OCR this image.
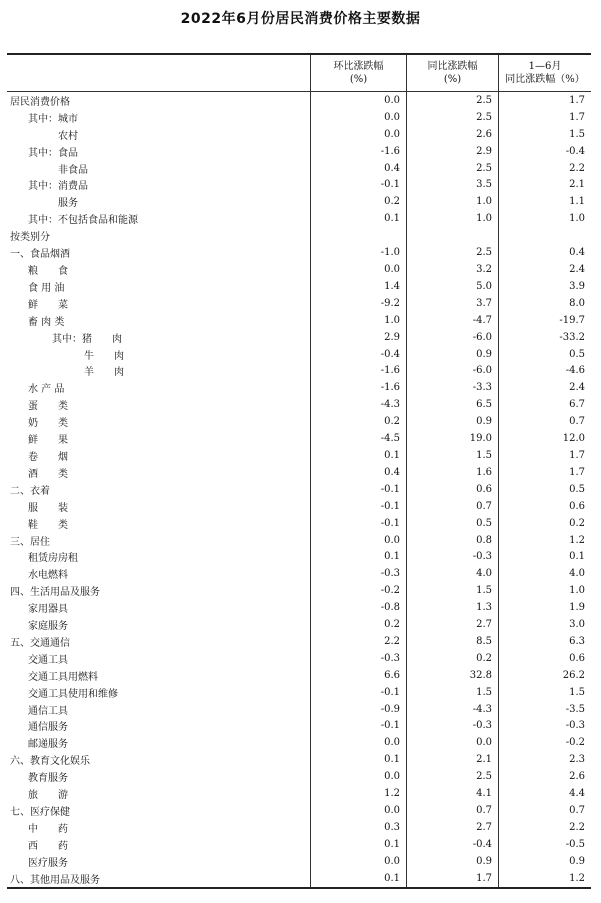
2022年6月份居民消费价格主要数据
环比涨跌幅
(%)
同比涨跌幅
(%)
1—6月
同比涨跌幅（%）
居民消费价格	0.0	2.5	1.7
其中：城市	0.0	2.5	1.7
　　　农村	0.0	2.6	1.5
其中：食品	-1.6	2.9	-0.4
　　　非食品	0.4	2.5	2.2
其中：消费品	-0.1	3.5	2.1
　　　服务	0.2	1.0	1.1
其中：不包括食品和能源	0.1	1.0	1.0
按类别分
一、食品烟酒	-1.0	2.5	0.4
粮　　食	0.0	3.2	2.4
食 用 油	1.4	5.0	3.9
鲜　　菜	-9.2	3.7	8.0
畜 肉 类	1.0	-4.7	-19.7
其中：猪　　肉	2.9	-6.0	-33.2
牛　　肉	-0.4	0.9	0.5
羊　　肉	-1.6	-6.0	-4.6
水 产 品	-1.6	-3.3	2.4
蛋　　类	-4.3	6.5	6.7
奶　　类	0.2	0.9	0.7
鲜　　果	-4.5	19.0	12.0
卷　　烟	0.1	1.5	1.7
酒　　类	0.4	1.6	1.7
二、衣着	-0.1	0.6	0.5
服　　装	-0.1	0.7	0.6
鞋　　类	-0.1	0.5	0.2
三、居住	0.0	0.8	1.2
租赁房房租	0.1	-0.3	0.1
水电燃料	-0.3	4.0	4.0
四、生活用品及服务	-0.2	1.5	1.0
家用器具	-0.8	1.3	1.9
家庭服务	0.2	2.7	3.0
五、交通通信	2.2	8.5	6.3
交通工具	-0.3	0.2	0.6
交通工具用燃料	6.6	32.8	26.2
交通工具使用和维修	-0.1	1.5	1.5
通信工具	-0.9	-4.3	-3.5
通信服务	-0.1	-0.3	-0.3
邮递服务	0.0	0.0	-0.2
六、教育文化娱乐	0.1	2.1	2.3
教育服务	0.0	2.5	2.6
旅　　游	1.2	4.1	4.4
七、医疗保健	0.0	0.7	0.7
中　　药	0.3	2.7	2.2
西　　药	0.1	-0.4	-0.5
医疗服务	0.0	0.9	0.9
八、其他用品及服务	0.1	1.7	1.2
